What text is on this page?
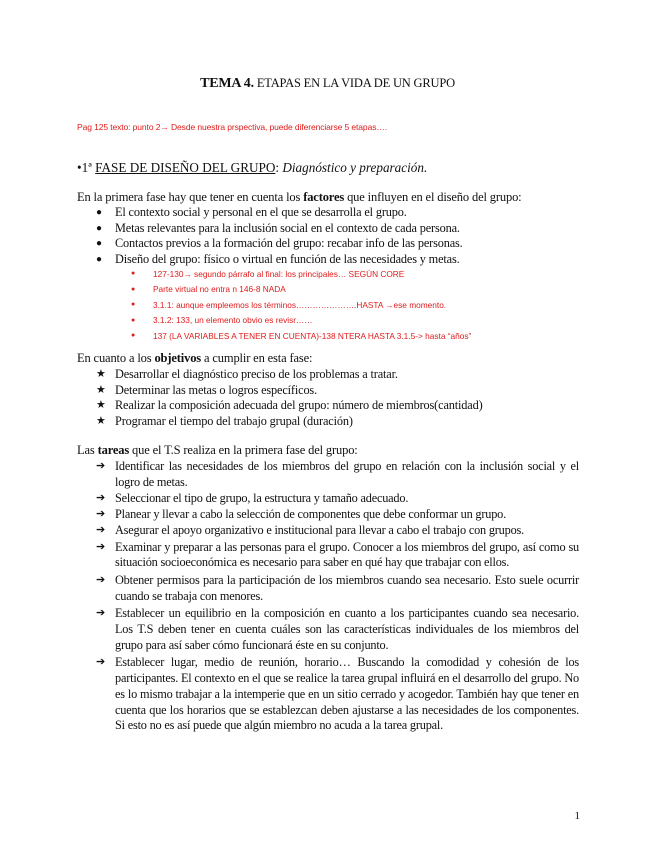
TEMA 4. ETAPAS EN LA VIDA DE UN GRUPO
Pag 125 texto: punto 2→ Desde nuestra prspectiva, puede diferenciarse 5 etapas….
•1ª FASE DE DISEÑO DEL GRUPO: Diagnóstico y preparación.
En la primera fase hay que tener en cuenta los factores que influyen en el diseño del grupo:
●	El contexto social y personal en el que se desarrolla el grupo.
●	Metas relevantes para la inclusión social en el contexto de cada persona.
●	Contactos previos a la formación del grupo: recabar info de las personas.
●	Diseño del grupo: físico o virtual en función de las necesidades y metas.
●	127-130→ segundo párrafo al final: los principales… SEGÚN CORE
●	Parte virtual no entra n 146-8 NADA
●	3.1.1: aunque empleemos los términos………………….HASTA →ese momento.
●	3.1.2: 133, un elemento obvio es revisr……
●	137 (LA VARIABLES A TENER EN CUENTA)-138 NTERA HASTA 3.1.5-> hasta “años”
En cuanto a los objetivos a cumplir en esta fase:
★ Desarrollar el diagnóstico preciso de los problemas a tratar.
★ Determinar las metas o logros específicos.
★ Realizar la composición adecuada del grupo: número de miembros(cantidad)
★ Programar el tiempo del trabajo grupal (duración)
Las tareas que el T.S realiza en la primera fase del grupo:
➔ Identificar las necesidades de los miembros del grupo en relación con la inclusión social y el logro de metas.
➔ Seleccionar el tipo de grupo, la estructura y tamaño adecuado.
➔ Planear y llevar a cabo la selección de componentes que debe conformar un grupo.
➔ Asegurar el apoyo organizativo e institucional para llevar a cabo el trabajo con grupos.
➔ Examinar y preparar a las personas para el grupo. Conocer a los miembros del grupo, así como su situación socioeconómica es necesario para saber en qué hay que trabajar con ellos.
➔ Obtener permisos para la participación de los miembros cuando sea necesario. Esto suele ocurrir cuando se trabaja con menores.
➔ Establecer un equilibrio en la composición en cuanto a los participantes cuando sea necesario. Los T.S deben tener en cuenta cuáles son las características individuales de los miembros del grupo para así saber cómo funcionará éste en su conjunto.
➔ Establecer lugar, medio de reunión, horario… Buscando la comodidad y cohesión de los participantes. El contexto en el que se realice la tarea grupal influirá en el desarrollo del grupo. No es lo mismo trabajar a la intemperie que en un sitio cerrado y acogedor. También hay que tener en cuenta que los horarios que se establezcan deben ajustarse a las necesidades de los componentes. Si esto no es así puede que algún miembro no acuda a la tarea grupal.
1
